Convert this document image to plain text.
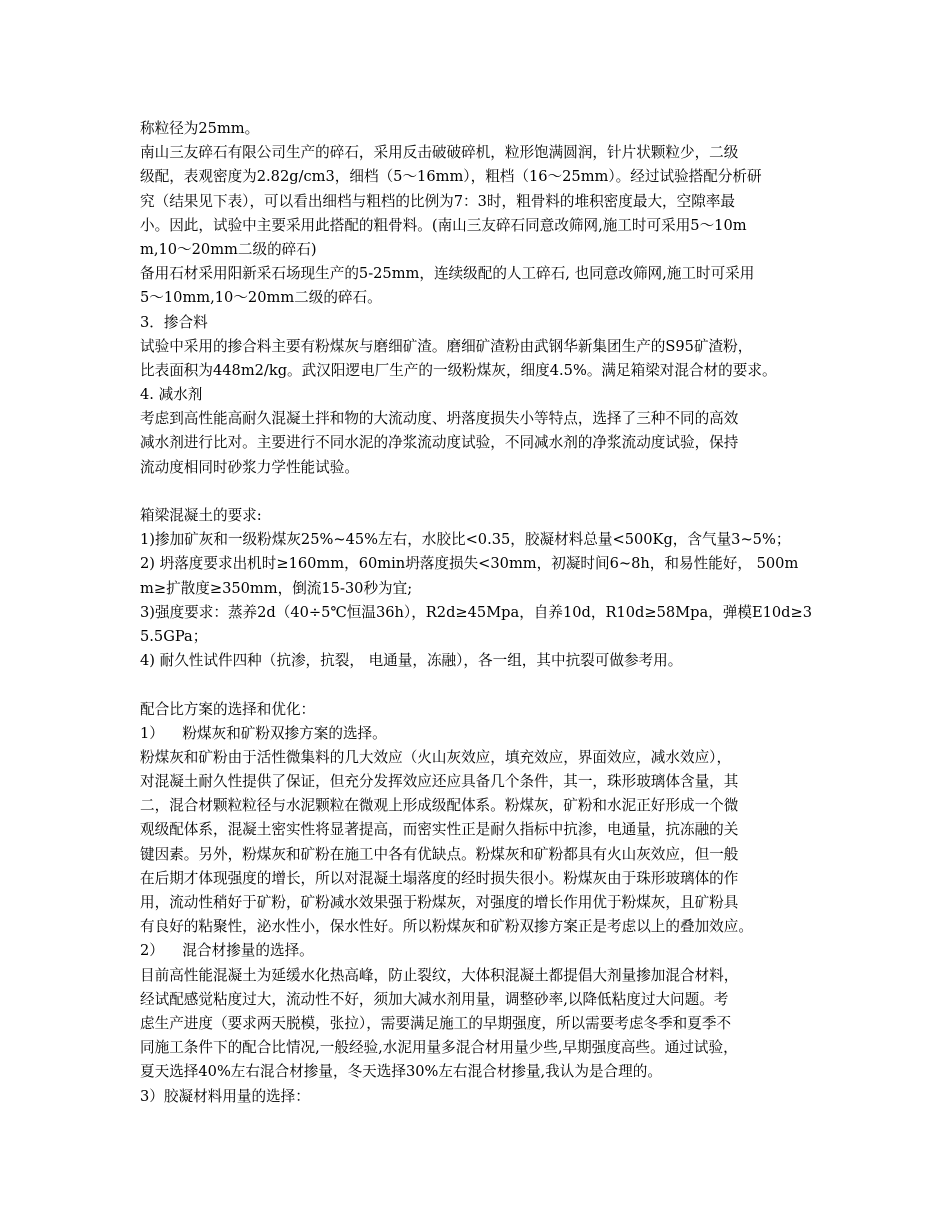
称粒径为25mm。
南山三友碎石有限公司生产的碎石，采用反击破破碎机，粒形饱满圆润，针片状颗粒少，二级
级配，表观密度为2.82g/cm3，细档（5～16mm），粗档（16～25mm）。经过试验搭配分析研
究（结果见下表），可以看出细档与粗档的比例为7：3时，粗骨料的堆积密度最大，空隙率最
小。因此，试验中主要采用此搭配的粗骨料。(南山三友碎石同意改筛网,施工时可采用5～10m
m,10～20mm二级的碎石)
备用石材采用阳新采石场现生产的5-25mm，连续级配的人工碎石, 也同意改筛网,施工时可采用
5～10mm,10～20mm二级的碎石。
3．掺合料
试验中采用的掺合料主要有粉煤灰与磨细矿渣。磨细矿渣粉由武钢华新集团生产的S95矿渣粉，
比表面积为448m2/kg。武汉阳逻电厂生产的一级粉煤灰，细度4.5%。满足箱梁对混合材的要求。
4. 减水剂
考虑到高性能高耐久混凝土拌和物的大流动度、坍落度损失小等特点，选择了三种不同的高效
减水剂进行比对。主要进行不同水泥的净浆流动度试验，不同减水剂的净浆流动度试验，保持
流动度相同时砂浆力学性能试验。
箱梁混凝土的要求:
1)掺加矿灰和一级粉煤灰25%~45%左右，水胶比<0.35，胶凝材料总量<500Kg，含气量3~5%；
2) 坍落度要求出机时≥160mm，60min坍落度损失<30mm，初凝时间6~8h，和易性能好， 500m
m≥扩散度≥350mm，倒流15-30秒为宜;
3)强度要求：蒸养2d（40÷5℃恒温36h），R2d≥45Mpa，自养10d，R10d≥58Mpa，弹模E10d≥3
5.5GPa；
4) 耐久性试件四种（抗渗，抗裂， 电通量，冻融），各一组，其中抗裂可做参考用。
配合比方案的选择和优化：
1）    粉煤灰和矿粉双掺方案的选择。
粉煤灰和矿粉由于活性微集料的几大效应（火山灰效应，填充效应，界面效应，减水效应），
对混凝土耐久性提供了保证，但充分发挥效应还应具备几个条件，其一，珠形玻璃体含量，其
二，混合材颗粒粒径与水泥颗粒在微观上形成级配体系。粉煤灰，矿粉和水泥正好形成一个微
观级配体系，混凝土密实性将显著提高，而密实性正是耐久指标中抗渗，电通量，抗冻融的关
键因素。另外，粉煤灰和矿粉在施工中各有优缺点。粉煤灰和矿粉都具有火山灰效应，但一般
在后期才体现强度的增长，所以对混凝土塌落度的经时损失很小。粉煤灰由于珠形玻璃体的作
用，流动性稍好于矿粉，矿粉减水效果强于粉煤灰，对强度的增长作用优于粉煤灰，且矿粉具
有良好的粘聚性，泌水性小，保水性好。所以粉煤灰和矿粉双掺方案正是考虑以上的叠加效应。
2）    混合材掺量的选择。
目前高性能混凝土为延缓水化热高峰，防止裂纹，大体积混凝土都提倡大剂量掺加混合材料，
经试配感觉粘度过大，流动性不好，须加大减水剂用量，调整砂率,以降低粘度过大问题。考
虑生产进度（要求两天脱模，张拉），需要满足施工的早期强度，所以需要考虑冬季和夏季不
同施工条件下的配合比情况,一般经验,水泥用量多混合材用量少些,早期强度高些。通过试验，
夏天选择40%左右混合材掺量，冬天选择30%左右混合材掺量,我认为是合理的。
3）胶凝材料用量的选择：
